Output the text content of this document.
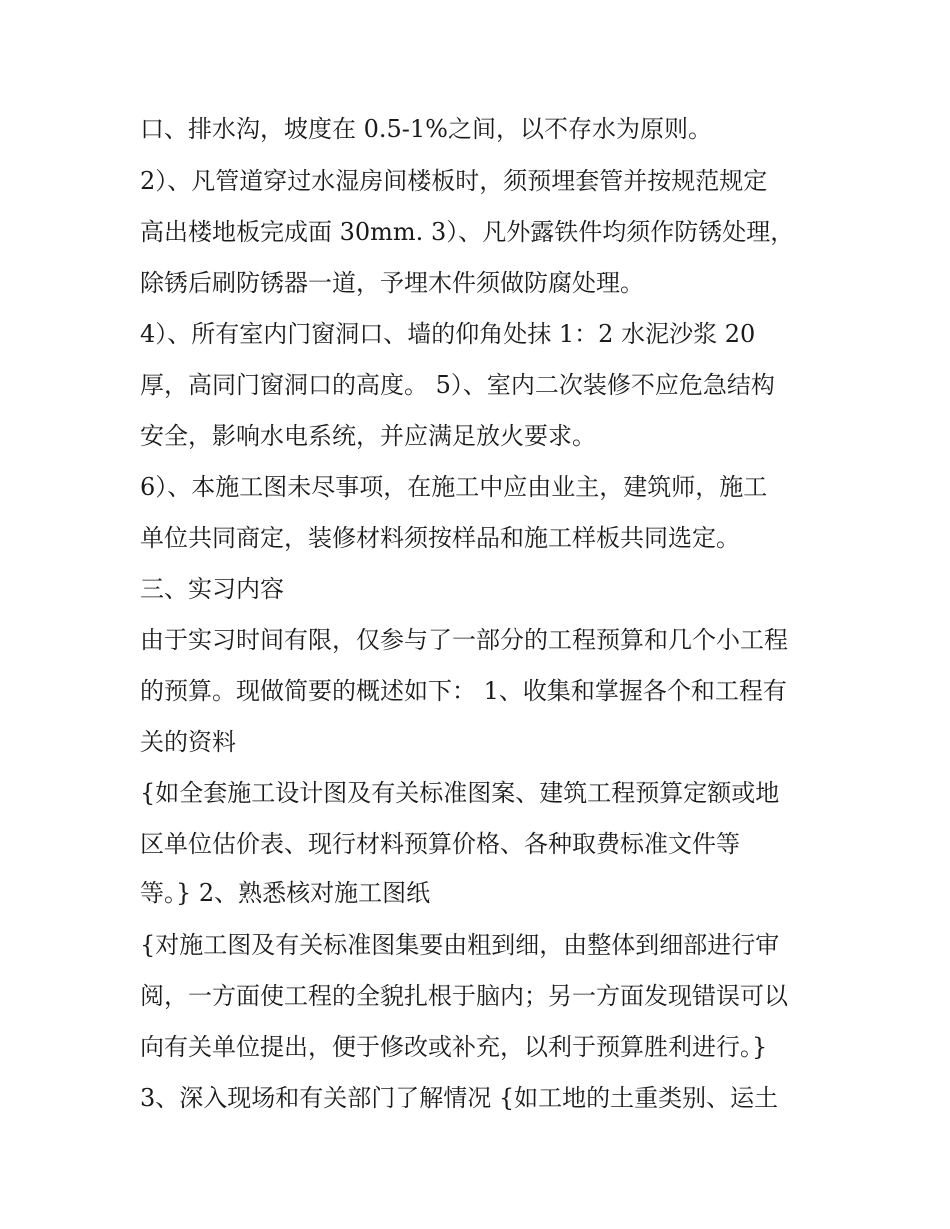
口、排水沟，坡度在 0.5-1%之间，以不存水为原则。
2）、凡管道穿过水湿房间楼板时，须预埋套管并按规范规定
高出楼地板完成面 30mm. 3）、凡外露铁件均须作防锈处理，
除锈后刷防锈器一道，予埋木件须做防腐处理。
4）、所有室内门窗洞口、墙的仰角处抹 1：2 水泥沙浆 20
厚，高同门窗洞口的高度。 5）、室内二次装修不应危急结构
安全，影响水电系统，并应满足放火要求。
6）、本施工图未尽事项，在施工中应由业主，建筑师，施工
单位共同商定，装修材料须按样品和施工样板共同选定。
三、实习内容
由于实习时间有限，仅参与了一部分的工程预算和几个小工程
的预算。现做简要的概述如下： 1、收集和掌握各个和工程有
关的资料
{如全套施工设计图及有关标准图案、建筑工程预算定额或地
区单位估价表、现行材料预算价格、各种取费标准文件等
等。} 2、熟悉核对施工图纸
{对施工图及有关标准图集要由粗到细，由整体到细部进行审
阅，一方面使工程的全貌扎根于脑内；另一方面发现错误可以
向有关单位提出，便于修改或补充，以利于预算胜利进行。}
3、深入现场和有关部门了解情况 {如工地的土重类别、运土
